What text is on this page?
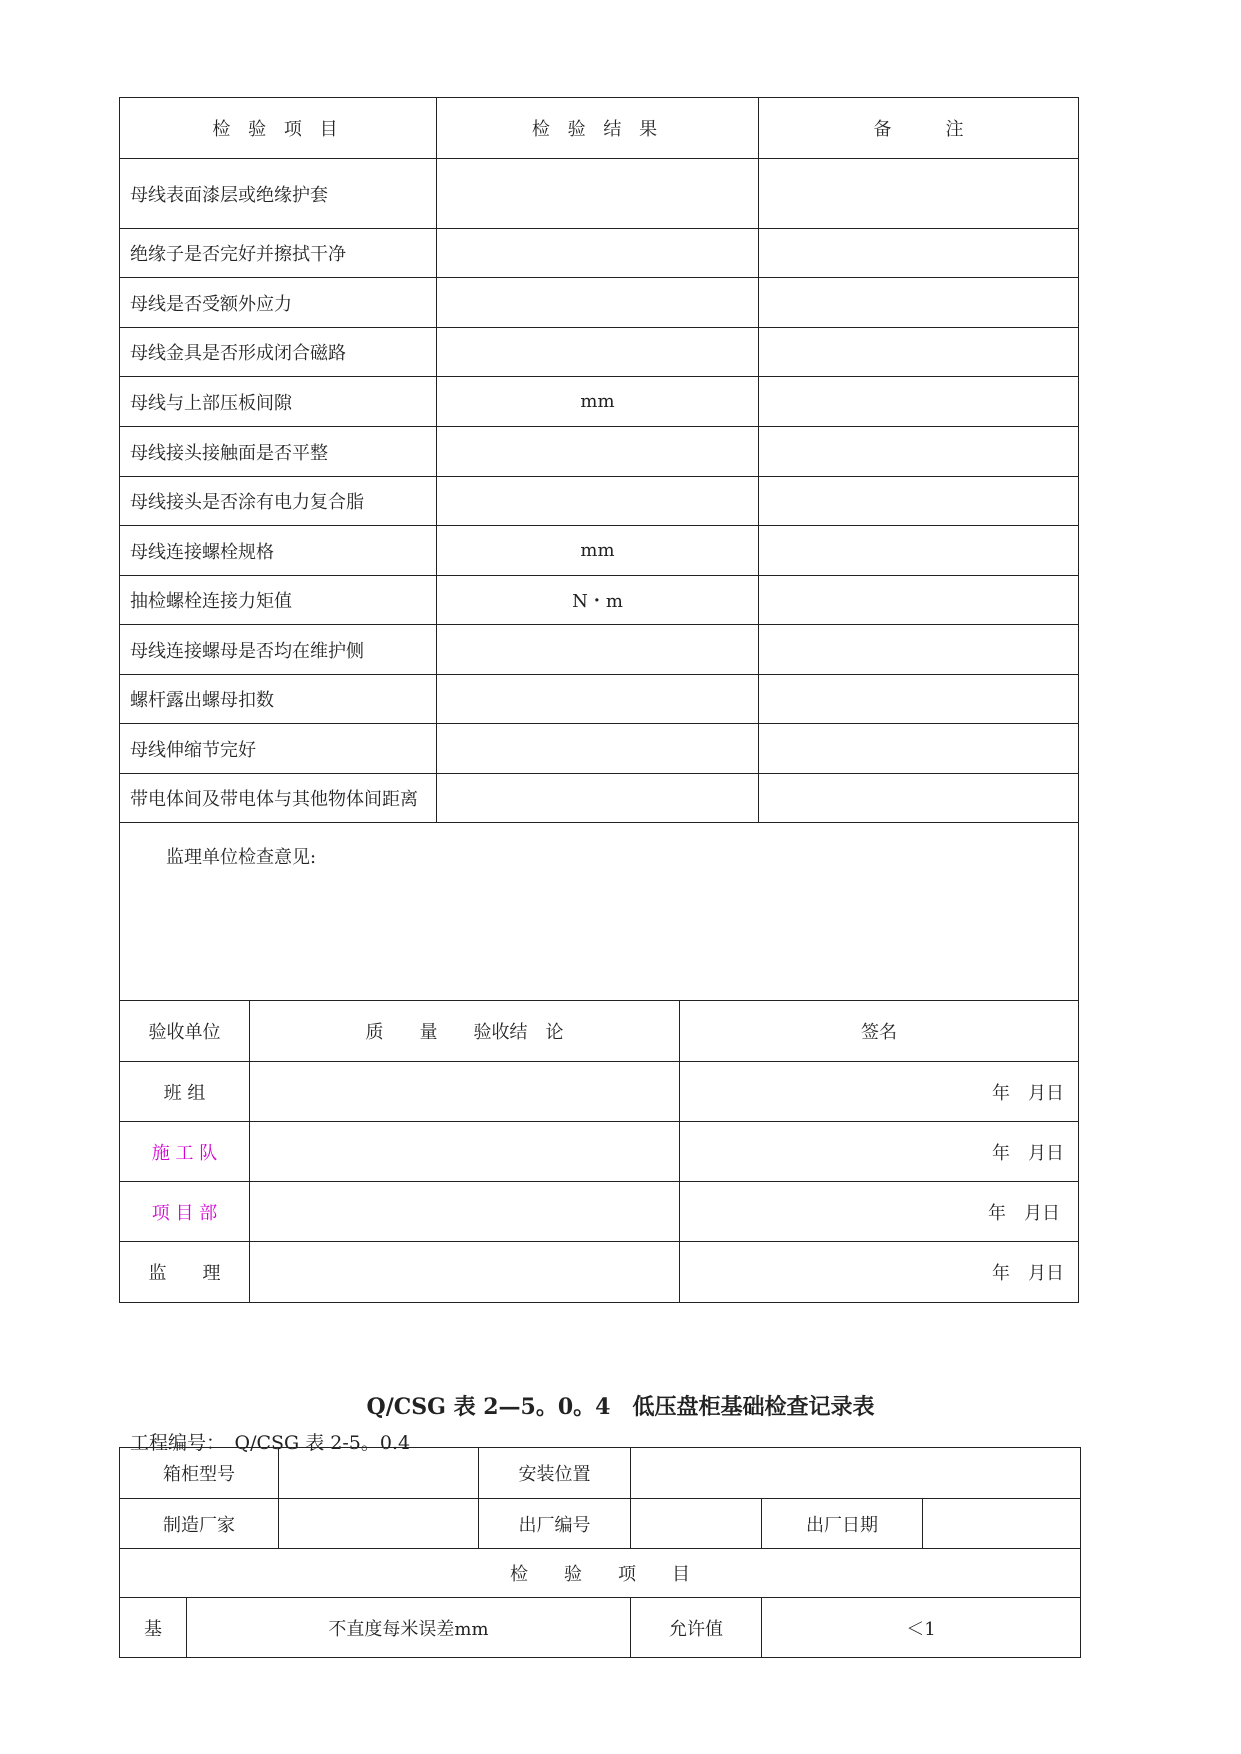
检 验 项 目	检 验 结 果	备　　　注
母线表面漆层或绝缘护套		
绝缘子是否完好并擦拭干净		
母线是否受额外应力		
母线金具是否形成闭合磁路		
母线与上部压板间隙	mm	
母线接头接触面是否平整		
母线接头是否涂有电力复合脂		
母线连接螺栓规格	mm	
抽检螺栓连接力矩值	N・m	
母线连接螺母是否均在维护侧		
螺杆露出螺母扣数		
母线伸缩节完好		
带电体间及带电体与其他物体间距离		
监理单位检查意见:		
验收单位	质　　量　　验收结　论	签名
班 组		年　月日
施 工 队		年　月日
项 目 部		年　月日
监　　理		年　月日
Q/CSG 表 2—5。0。4　低压盘柜基础检查记录表
工程编号：　Q/CSG 表 2-5。0.4
箱柜型号			安装位置			
制造厂家			出厂编号		出厂日期	
检　　验　　项　　目						
基	不直度每米误差mm			允许值	＜1	
